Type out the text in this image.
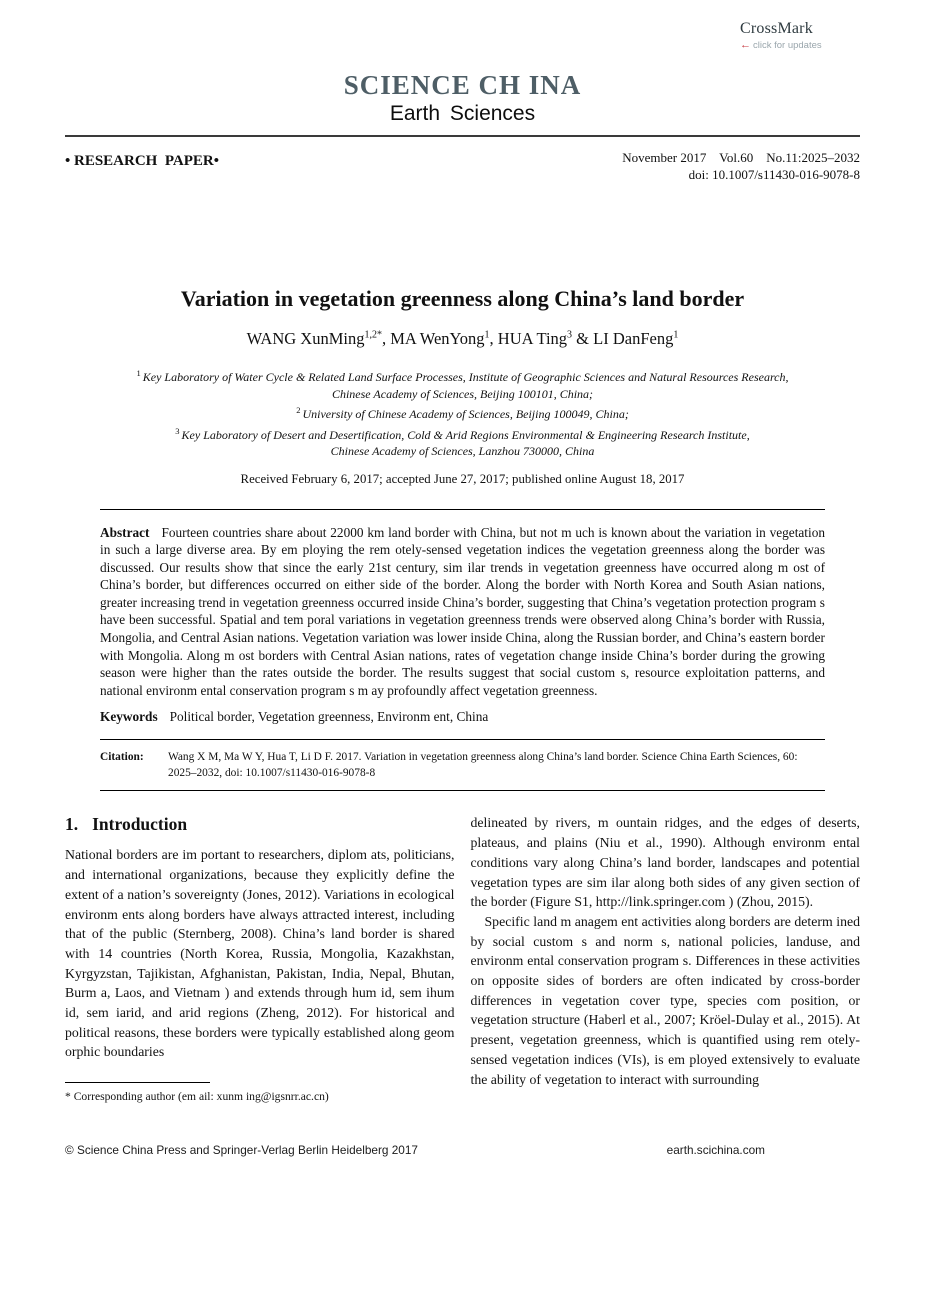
SCIENCE CH INA
Earth Sciences
CrossMark
← click for updates
• RESEARCH  PAPER•	November 2017    Vol.60    No.11:2025–2032
doi: 10.1007/s11430-016-9078-8
Variation in vegetation greenness along China’s land border
WANG XunMing$^{1,2*}$, MA WenYong$^1$, HUA Ting$^3$ & LI DanFeng$^1$
$^1$ Key Laboratory of Water Cycle & Related Land Surface Processes, Institute of Geographic Sciences and Natural Resources Research,
Chinese Academy of Sciences, Beijing 100101, China;
$^2$ University of Chinese Academy of Sciences, Beijing 100049, China;
$^3$ Key Laboratory of Desert and Desertification, Cold & Arid Regions Environmental & Engineering Research Institute,
Chinese Academy of Sciences, Lanzhou 730000, China
Received February 6, 2017; accepted June 27, 2017; published online August 18, 2017

Abstract Fourteen countries share about 22000 km land border with China, but not m uch is known about the variation in vegetation in such a large diverse area. By em ploying the rem otely-sensed vegetation indices the vegetation greenness along the border was discussed. Our results show that since the early 21st century, sim ilar trends in vegetation greenness have occurred along m ost of China’s border, but differences occurred on either side of the border. Along the border with North Korea and South Asian nations, greater increasing trend in vegetation greenness occurred inside China’s border, suggesting that China’s vegetation protection program s have been successful. Spatial and tem poral variations in vegetation greenness trends were observed along China’s border with Russia, Mongolia, and Central Asian nations. Vegetation variation was lower inside China, along the Russian border, and China’s eastern border with Mongolia. Along m ost borders with Central Asian nations, rates of vegetation change inside China’s border during the growing season were higher than the rates outside the border. The results suggest that social custom s, resource exploitation patterns, and national environm ental conservation program s m ay profoundly affect vegetation greenness.

Keywords Political border, Vegetation greenness, Environm ent, China

Citation:	Wang X M, Ma W Y, Hua T, Li D F. 2017. Variation in vegetation greenness along China’s land border. Science China Earth Sciences, 60: 2025–2032, doi: 10.1007/s11430-016-9078-8
1. Introduction

National borders are im portant to researchers, diplom ats, politicians, and international organizations, because they explicitly define the extent of a nation’s sovereignty (Jones, 2012). Variations in ecological environm ents along borders have always attracted interest, including that of the public (Sternberg, 2008). China’s land border is shared with 14 countries (North Korea, Russia, Mongolia, Kazakhstan, Kyrgyzstan, Tajikistan, Afghanistan, Pakistan, India, Nepal, Bhutan, Burm a, Laos, and Vietnam ) and extends through hum id, sem ihum id, sem iarid, and arid regions (Zheng, 2012). For historical and political reasons, these borders were typically established along geom orphic boundaries

* Corresponding author (em ail: xunm ing@igsnrr.ac.cn)

delineated by rivers, m ountain ridges, and the edges of deserts, plateaus, and plains (Niu et al., 1990). Although environm ental conditions vary along China’s land border, landscapes and potential vegetation types are sim ilar along both sides of any given section of the border (Figure S1, http://link.springer.com ) (Zhou, 2015).

Specific land m anagem ent activities along borders are determ ined by social custom s and norm s, national policies, landuse, and environm ental conservation program s. Differences in these activities on opposite sides of borders are often indicated by cross-border differences in vegetation cover type, species com position, or vegetation structure (Haberl et al., 2007; Kröel-Dulay et al., 2015). At present, vegetation greenness, which is quantified using rem otely-sensed vegetation indices (VIs), is em ployed extensively to evaluate the ability of vegetation to interact with surrounding

© Science China Press and Springer-Verlag Berlin Heidelberg 2017	earth.scichina.com
